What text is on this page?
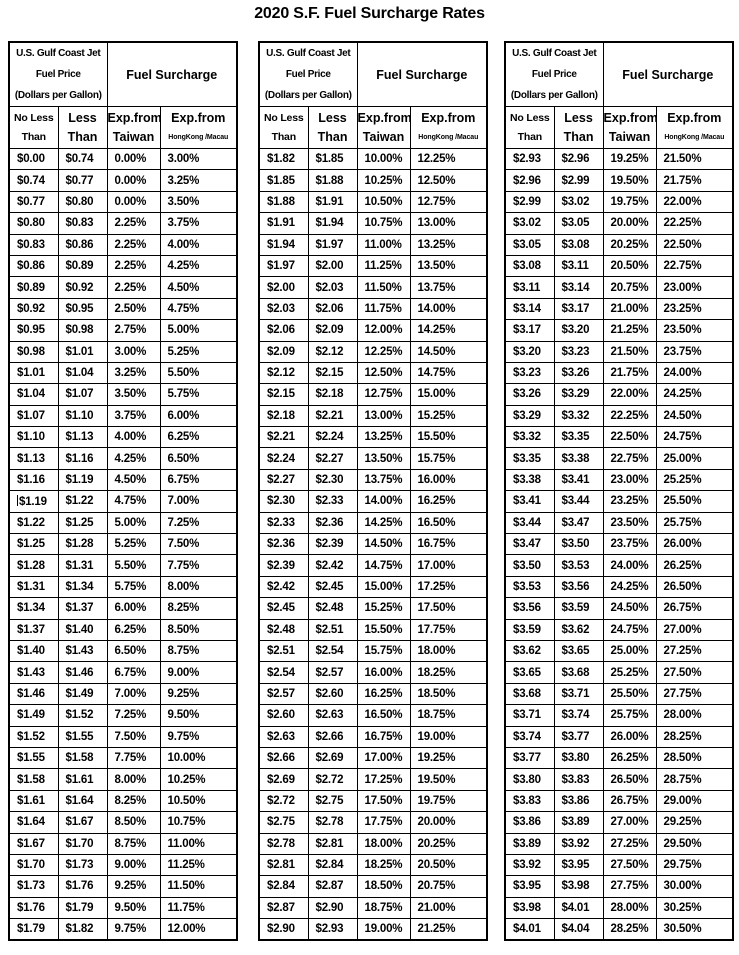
2020 S.F. Fuel Surcharge Rates
U.S. Gulf Coast Jet
Fuel Price
(Dollars per Gallon)		Fuel Surcharge	

No Less
Than

Less
Than

Exp.from
Taiwan

Exp.from
HongKong /Macau

$0.00	$0.74	0.00%	3.00%
$0.74	$0.77	0.00%	3.25%
$0.77	$0.80	0.00%	3.50%
$0.80	$0.83	2.25%	3.75%
$0.83	$0.86	2.25%	4.00%
$0.86	$0.89	2.25%	4.25%
$0.89	$0.92	2.25%	4.50%
$0.92	$0.95	2.50%	4.75%
$0.95	$0.98	2.75%	5.00%
$0.98	$1.01	3.00%	5.25%
$1.01	$1.04	3.25%	5.50%
$1.04	$1.07	3.50%	5.75%
$1.07	$1.10	3.75%	6.00%
$1.10	$1.13	4.00%	6.25%
$1.13	$1.16	4.25%	6.50%
$1.16	$1.19	4.50%	6.75%
$1.19	$1.22	4.75%	7.00%
$1.22	$1.25	5.00%	7.25%
$1.25	$1.28	5.25%	7.50%
$1.28	$1.31	5.50%	7.75%
$1.31	$1.34	5.75%	8.00%
$1.34	$1.37	6.00%	8.25%
$1.37	$1.40	6.25%	8.50%
$1.40	$1.43	6.50%	8.75%
$1.43	$1.46	6.75%	9.00%
$1.46	$1.49	7.00%	9.25%
$1.49	$1.52	7.25%	9.50%
$1.52	$1.55	7.50%	9.75%
$1.55	$1.58	7.75%	10.00%
$1.58	$1.61	8.00%	10.25%
$1.61	$1.64	8.25%	10.50%
$1.64	$1.67	8.50%	10.75%
$1.67	$1.70	8.75%	11.00%
$1.70	$1.73	9.00%	11.25%
$1.73	$1.76	9.25%	11.50%
$1.76	$1.79	9.50%	11.75%
$1.79	$1.82	9.75%	12.00%
U.S. Gulf Coast Jet
Fuel Price
(Dollars per Gallon)		Fuel Surcharge	

No Less
Than

Less
Than

Exp.from
Taiwan

Exp.from
HongKong /Macau

$1.82	$1.85	10.00%	12.25%
$1.85	$1.88	10.25%	12.50%
$1.88	$1.91	10.50%	12.75%
$1.91	$1.94	10.75%	13.00%
$1.94	$1.97	11.00%	13.25%
$1.97	$2.00	11.25%	13.50%
$2.00	$2.03	11.50%	13.75%
$2.03	$2.06	11.75%	14.00%
$2.06	$2.09	12.00%	14.25%
$2.09	$2.12	12.25%	14.50%
$2.12	$2.15	12.50%	14.75%
$2.15	$2.18	12.75%	15.00%
$2.18	$2.21	13.00%	15.25%
$2.21	$2.24	13.25%	15.50%
$2.24	$2.27	13.50%	15.75%
$2.27	$2.30	13.75%	16.00%
$2.30	$2.33	14.00%	16.25%
$2.33	$2.36	14.25%	16.50%
$2.36	$2.39	14.50%	16.75%
$2.39	$2.42	14.75%	17.00%
$2.42	$2.45	15.00%	17.25%
$2.45	$2.48	15.25%	17.50%
$2.48	$2.51	15.50%	17.75%
$2.51	$2.54	15.75%	18.00%
$2.54	$2.57	16.00%	18.25%
$2.57	$2.60	16.25%	18.50%
$2.60	$2.63	16.50%	18.75%
$2.63	$2.66	16.75%	19.00%
$2.66	$2.69	17.00%	19.25%
$2.69	$2.72	17.25%	19.50%
$2.72	$2.75	17.50%	19.75%
$2.75	$2.78	17.75%	20.00%
$2.78	$2.81	18.00%	20.25%
$2.81	$2.84	18.25%	20.50%
$2.84	$2.87	18.50%	20.75%
$2.87	$2.90	18.75%	21.00%
$2.90	$2.93	19.00%	21.25%
U.S. Gulf Coast Jet
Fuel Price
(Dollars per Gallon)		Fuel Surcharge	

No Less
Than

Less
Than

Exp.from
Taiwan

Exp.from
HongKong /Macau

$2.93	$2.96	19.25%	21.50%
$2.96	$2.99	19.50%	21.75%
$2.99	$3.02	19.75%	22.00%
$3.02	$3.05	20.00%	22.25%
$3.05	$3.08	20.25%	22.50%
$3.08	$3.11	20.50%	22.75%
$3.11	$3.14	20.75%	23.00%
$3.14	$3.17	21.00%	23.25%
$3.17	$3.20	21.25%	23.50%
$3.20	$3.23	21.50%	23.75%
$3.23	$3.26	21.75%	24.00%
$3.26	$3.29	22.00%	24.25%
$3.29	$3.32	22.25%	24.50%
$3.32	$3.35	22.50%	24.75%
$3.35	$3.38	22.75%	25.00%
$3.38	$3.41	23.00%	25.25%
$3.41	$3.44	23.25%	25.50%
$3.44	$3.47	23.50%	25.75%
$3.47	$3.50	23.75%	26.00%
$3.50	$3.53	24.00%	26.25%
$3.53	$3.56	24.25%	26.50%
$3.56	$3.59	24.50%	26.75%
$3.59	$3.62	24.75%	27.00%
$3.62	$3.65	25.00%	27.25%
$3.65	$3.68	25.25%	27.50%
$3.68	$3.71	25.50%	27.75%
$3.71	$3.74	25.75%	28.00%
$3.74	$3.77	26.00%	28.25%
$3.77	$3.80	26.25%	28.50%
$3.80	$3.83	26.50%	28.75%
$3.83	$3.86	26.75%	29.00%
$3.86	$3.89	27.00%	29.25%
$3.89	$3.92	27.25%	29.50%
$3.92	$3.95	27.50%	29.75%
$3.95	$3.98	27.75%	30.00%
$3.98	$4.01	28.00%	30.25%
$4.01	$4.04	28.25%	30.50%
